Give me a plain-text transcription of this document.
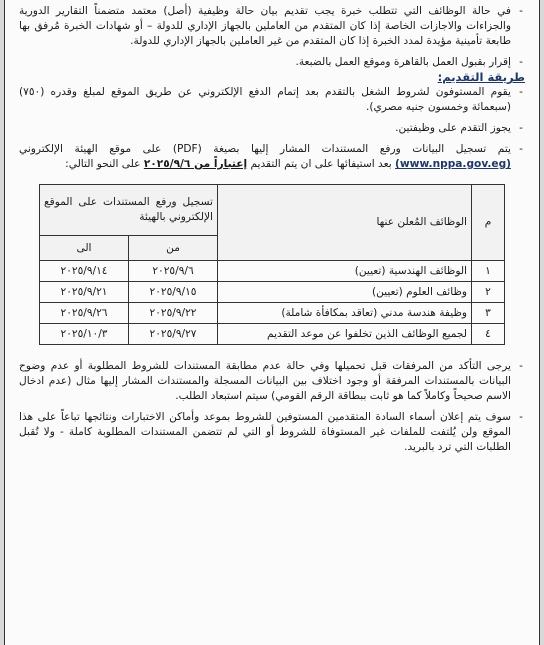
- في حالة الوظائف التي تتطلب خبرة يجب تقديم بيان حالة وظيفية (أصل) معتمد متضمناً التقارير الدورية والجزاءات والاجازات الخاصة إذا كان المتقدم من العاملين بالجهاز الإداري للدولة – أو شهادات الخبرة مُرفق بها طابعة تأمينية مؤيدة لمدد الخبرة إذا كان المتقدم من غير العاملين بالجهاز الإداري للدولة.

- إقرار بقبول العمل بالقاهرة وموقع العمل بالضبعة.

طريقة التقديم:

- يقوم المستوفون لشروط الشغل بالتقدم بعد إتمام الدفع الإلكتروني عن طريق الموقع لمبلغ وقدره (٧٥٠) (سبعمائة وخمسون جنيه مصري).

- يجوز التقدم على وظيفتين.

- يتم تسجيل البيانات ورفع المستندات المشار إليها بصيغة (PDF) على موقع الهيئة الإلكتروني (www.nppa.gov.eg) بعد استيفائها على ان يتم التقديم إعتباراً من ٢٠٢٥/٩/٦ على النحو التالي:

م	الوظائف المُعلن عنها	تسجيل ورفع المستندات على الموقع الإلكتروني بالهيئة	
		من	الى
١	الوظائف الهندسية (تعيين)	٢٠٢٥/٩/٦	٢٠٢٥/٩/١٤
٢	وظائف العلوم (تعيين)	٢٠٢٥/٩/١٥	٢٠٢٥/٩/٢١
٣	وظيفة هندسة مدني (تعاقد بمكافأة شاملة)	٢٠٢٥/٩/٢٢	٢٠٢٥/٩/٢٦
٤	لجميع الوظائف الذين تخلفوا عن موعد التقديم	٢٠٢٥/٩/٢٧	٢٠٢٥/١٠/٣

- يرجى التأكد من المرفقات قبل تحميلها وفي حالة عدم مطابقة المستندات للشروط المطلوبة أو عدم وضوح البيانات بالمستندات المرفقة أو وجود اختلاف بين البيانات المسجلة والمستندات المشار إليها مثال (عدم ادخال الاسم صحيحاً وكاملاً كما هو ثابت ببطاقة الرقم القومي) سيتم استبعاد الطلب.

- سوف يتم إعلان أسماء السادة المتقدمين المستوفين للشروط بموعد وأماكن الاختبارات ونتائجها تباعاً على هذا الموقع ولن يُلتفت للملفات غير المستوفاة للشروط أو التي لم تتضمن المستندات المطلوبة كاملة - ولا تُقبل الطلبات التي ترد بالبريد.
